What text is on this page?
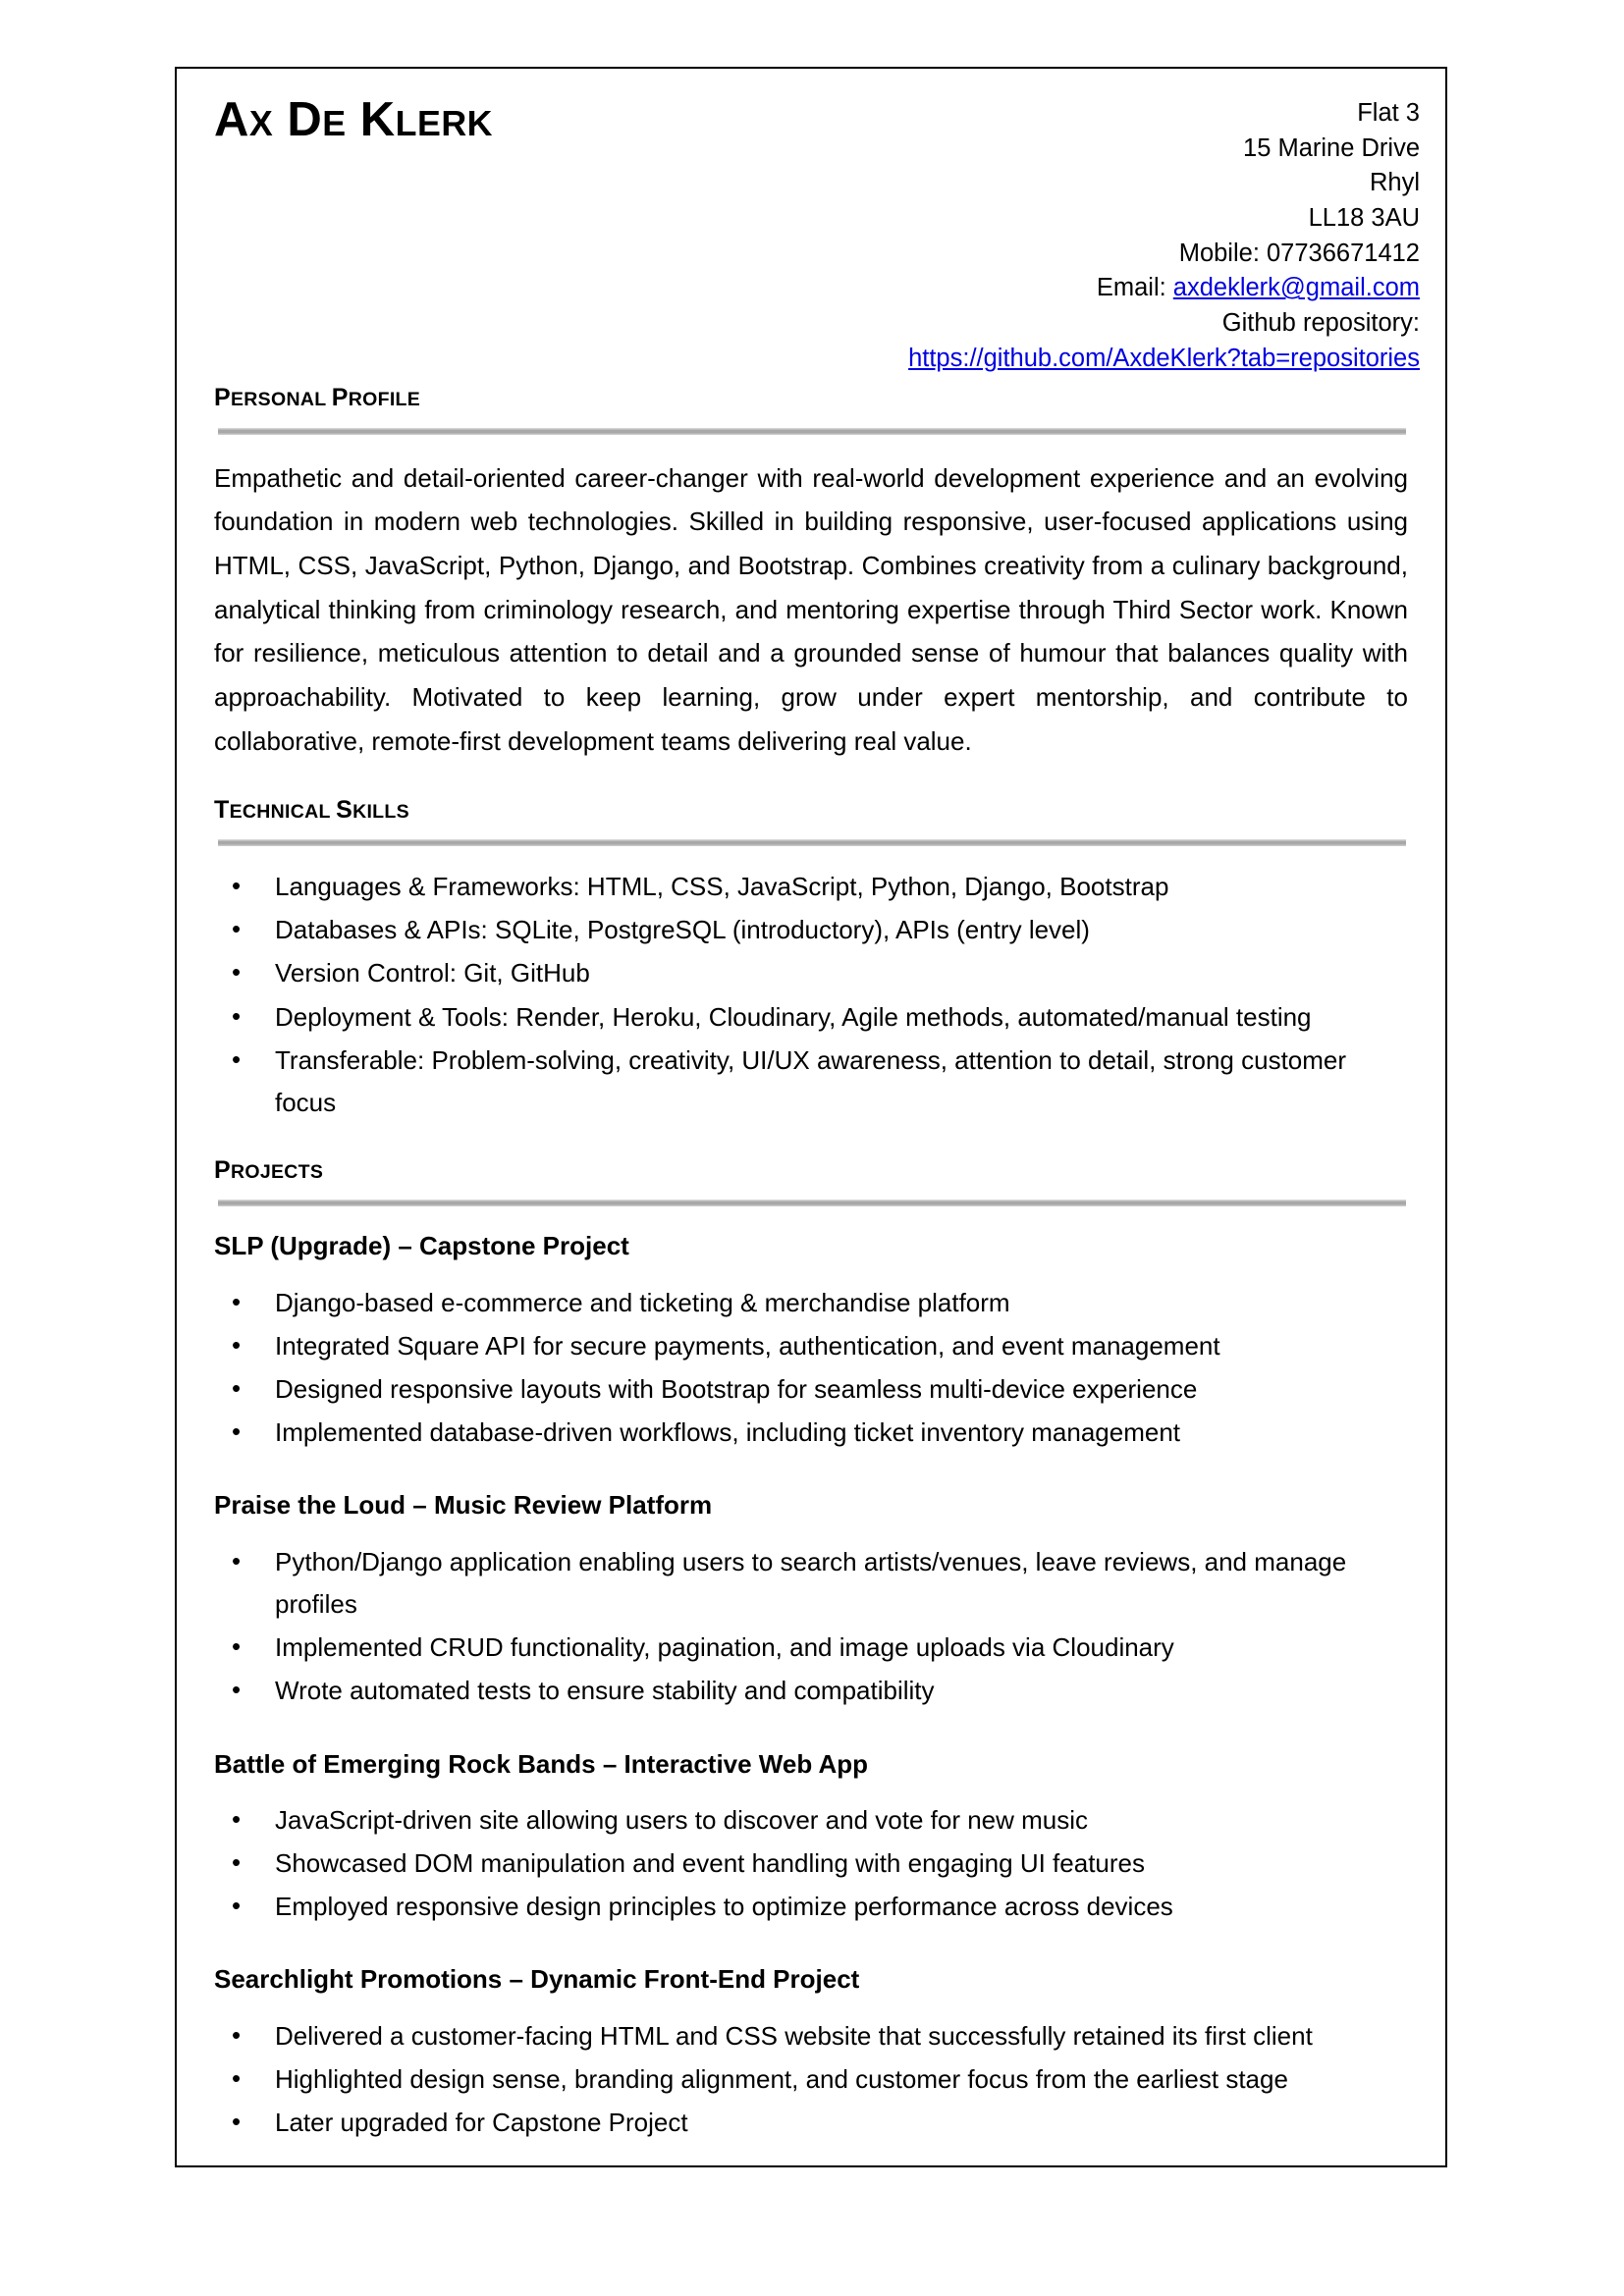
AX DE KLERK	Flat 3
15 Marine Drive
Rhyl
LL18 3AU
Mobile: 07736671412
Email: axdeklerk@gmail.com
Github repository:
https://github.com/AxdeKlerk?tab=repositories
PERSONAL PROFILE

Empathetic and detail-oriented career-changer with real-world development experience and an evolving foundation in modern web technologies. Skilled in building responsive, user-focused applications using HTML, CSS, JavaScript, Python, Django, and Bootstrap. Combines creativity from a culinary background, analytical thinking from criminology research, and mentoring expertise through Third Sector work. Known for resilience, meticulous attention to detail and a grounded sense of humour that balances quality with approachability. Motivated to keep learning, grow under expert mentorship, and contribute to collaborative, remote-first development teams delivering real value.

TECHNICAL SKILLS
• Languages & Frameworks: HTML, CSS, JavaScript, Python, Django, Bootstrap
• Databases & APIs: SQLite, PostgreSQL (introductory), APIs (entry level)
• Version Control: Git, GitHub
• Deployment & Tools: Render, Heroku, Cloudinary, Agile methods, automated/manual testing
• Transferable: Problem-solving, creativity, UI/UX awareness, attention to detail, strong customer focus
PROJECTS
SLP (Upgrade) – Capstone Project
• Django-based e-commerce and ticketing & merchandise platform
• Integrated Square API for secure payments, authentication, and event management
• Designed responsive layouts with Bootstrap for seamless multi-device experience
• Implemented database-driven workflows, including ticket inventory management
Praise the Loud – Music Review Platform
• Python/Django application enabling users to search artists/venues, leave reviews, and manage profiles
• Implemented CRUD functionality, pagination, and image uploads via Cloudinary
• Wrote automated tests to ensure stability and compatibility
Battle of Emerging Rock Bands – Interactive Web App
• JavaScript-driven site allowing users to discover and vote for new music
• Showcased DOM manipulation and event handling with engaging UI features
• Employed responsive design principles to optimize performance across devices
Searchlight Promotions – Dynamic Front-End Project
• Delivered a customer-facing HTML and CSS website that successfully retained its first client
• Highlighted design sense, branding alignment, and customer focus from the earliest stage
• Later upgraded for Capstone Project
